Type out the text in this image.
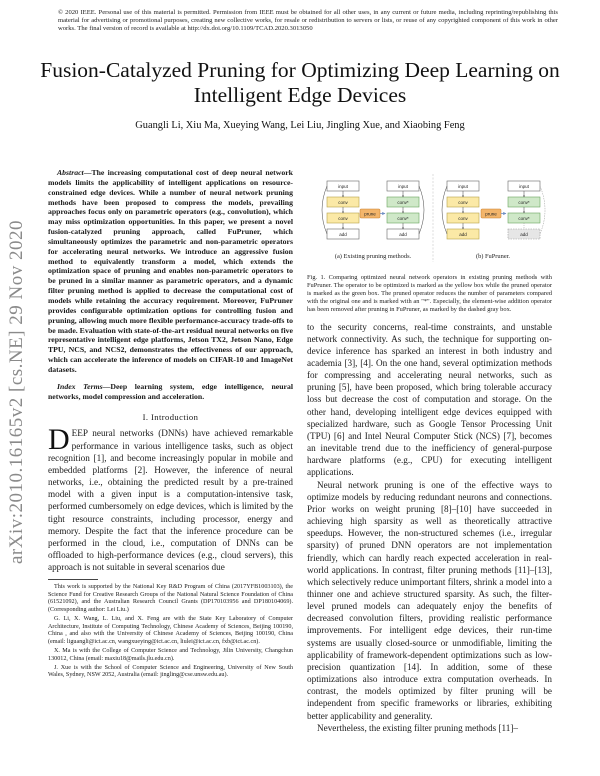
© 2020 IEEE. Personal use of this material is permitted. Permission from IEEE must be obtained for all other uses, in any current or future media, including reprinting/republishing this material for advertising or promotional purposes, creating new collective works, for resale or redistribution to servers or lists, or reuse of any copyrighted component of this work in other works. The final version of record is available at http://dx.doi.org/10.1109/TCAD.2020.3013050
arXiv:2010.16165v2 [cs.NE] 29 Nov 2020
Fusion-Catalyzed Pruning for Optimizing Deep Learning on Intelligent Edge Devices
Guangli Li, Xiu Ma, Xueying Wang, Lei Liu, Jingling Xue, and Xiaobing Feng

Abstract—The increasing computational cost of deep neural network models limits the applicability of intelligent applications on resource-constrained edge devices. While a number of neural network pruning methods have been proposed to compress the models, prevailing approaches focus only on parametric operators (e.g., convolution), which may miss optimization opportunities. In this paper, we present a novel fusion-catalyzed pruning approach, called FuPruner, which simultaneously optimizes the parametric and non-parametric operators for accelerating neural networks. We introduce an aggressive fusion method to equivalently transform a model, which extends the optimization space of pruning and enables non-parametric operators to be pruned in a similar manner as parametric operators, and a dynamic filter pruning method is applied to decrease the computational cost of models while retaining the accuracy requirement. Moreover, FuPruner provides configurable optimization options for controlling fusion and pruning, allowing much more flexible performance-accuracy trade-offs to be made. Evaluation with state-of-the-art residual neural networks on five representative intelligent edge platforms, Jetson TX2, Jetson Nano, Edge TPU, NCS, and NCS2, demonstrates the effectiveness of our approach, which can accelerate the inference of models on CIFAR-10 and ImageNet datasets.

Index Terms—Deep learning system, edge intelligence, neural networks, model compression and acceleration.

I. Introduction

DEEP neural networks (DNNs) have achieved remarkable performance in various intelligence tasks, such as object recognition [1], and become increasingly popular in mobile and embedded platforms [2]. However, the inference of neural networks, i.e., obtaining the predicted result by a pre-trained model with a given input is a computation-intensive task, performed cumbersomely on edge devices, which is limited by the tight resource constraints, including processor, energy and memory. Despite the fact that the inference procedure can be performed in the cloud, i.e., computation of DNNs can be offloaded to high-performance devices (e.g., cloud servers), this approach is not suitable in several scenarios due

This work is supported by the National Key R&D Program of China (2017YFB1003103), the Science Fund for Creative Research Groups of the National Natural Science Foundation of China (61521092), and the Australian Research Council Grants (DP170103956 and DP180104069). (Corresponding author: Lei Liu.)

G. Li, X. Wang, L. Liu, and X. Feng are with the State Key Laboratory of Computer Architecture, Institute of Computing Technology, Chinese Academy of Sciences, Beijing 100190, China , and also with the University of Chinese Academy of Sciences, Beijing 100190, China (email: liguangli@ict.ac.cn, wangxueying@ict.ac.cn, liulei@ict.ac.cn, fxb@ict.ac.cn).

X. Ma is with the College of Computer Science and Technology, Jilin University, Changchun 130012, China (email: maxiu18@mails.jlu.edu.cn).

J. Xue is with the School of Computer Science and Engineering, University of New South Wales, Sydney, NSW 2052, Australia (email: jingling@cse.unsw.edu.au).

input
conv
conv
add
prune
input
conv*
conv*
add
(a) Existing pruning methods.
input
conv
conv
add
prune
input
conv*
conv*
add
(b) FuPruner.

Fig. 1. Comparing optimized neural network operators in existing pruning methods with FuPruner. The operator to be optimized is marked as the yellow box while the pruned operator is marked as the green box. The pruned operator reduces the number of parameters compared with the original one and is marked with an "*". Especially, the element-wise addition operator has been removed after pruning in FuPruner, as marked by the dashed gray box.

to the security concerns, real-time constraints, and unstable network connectivity. As such, the technique for supporting on-device inference has sparked an interest in both industry and academia [3], [4]. On the one hand, several optimization methods for compressing and accelerating neural networks, such as pruning [5], have been proposed, which bring tolerable accuracy loss but decrease the cost of computation and storage. On the other hand, developing intelligent edge devices equipped with specialized hardware, such as Google Tensor Processing Unit (TPU) [6] and Intel Neural Computer Stick (NCS) [7], becomes an inevitable trend due to the inefficiency of general-purpose hardware platforms (e.g., CPU) for executing intelligent applications.

Neural network pruning is one of the effective ways to optimize models by reducing redundant neurons and connections. Prior works on weight pruning [8]–[10] have succeeded in achieving high sparsity as well as theoretically attractive speedups. However, the non-structured schemes (i.e., irregular sparsity) of pruned DNN operators are not implementation friendly, which can hardly reach expected acceleration in real-world applications. In contrast, filter pruning methods [11]–[13], which selectively reduce unimportant filters, shrink a model into a thinner one and achieve structured sparsity. As such, the filter-level pruned models can adequately enjoy the benefits of decreased convolution filters, providing realistic performance improvements. For intelligent edge devices, their run-time systems are usually closed-source or unmodifiable, limiting the applicability of framework-dependent optimizations such as low-precision quantization [14]. In addition, some of these optimizations also introduce extra computation overheads. In contrast, the models optimized by filter pruning will be independent from specific frameworks or libraries, exhibiting better applicability and generality.

Nevertheless, the existing filter pruning methods [11]–
